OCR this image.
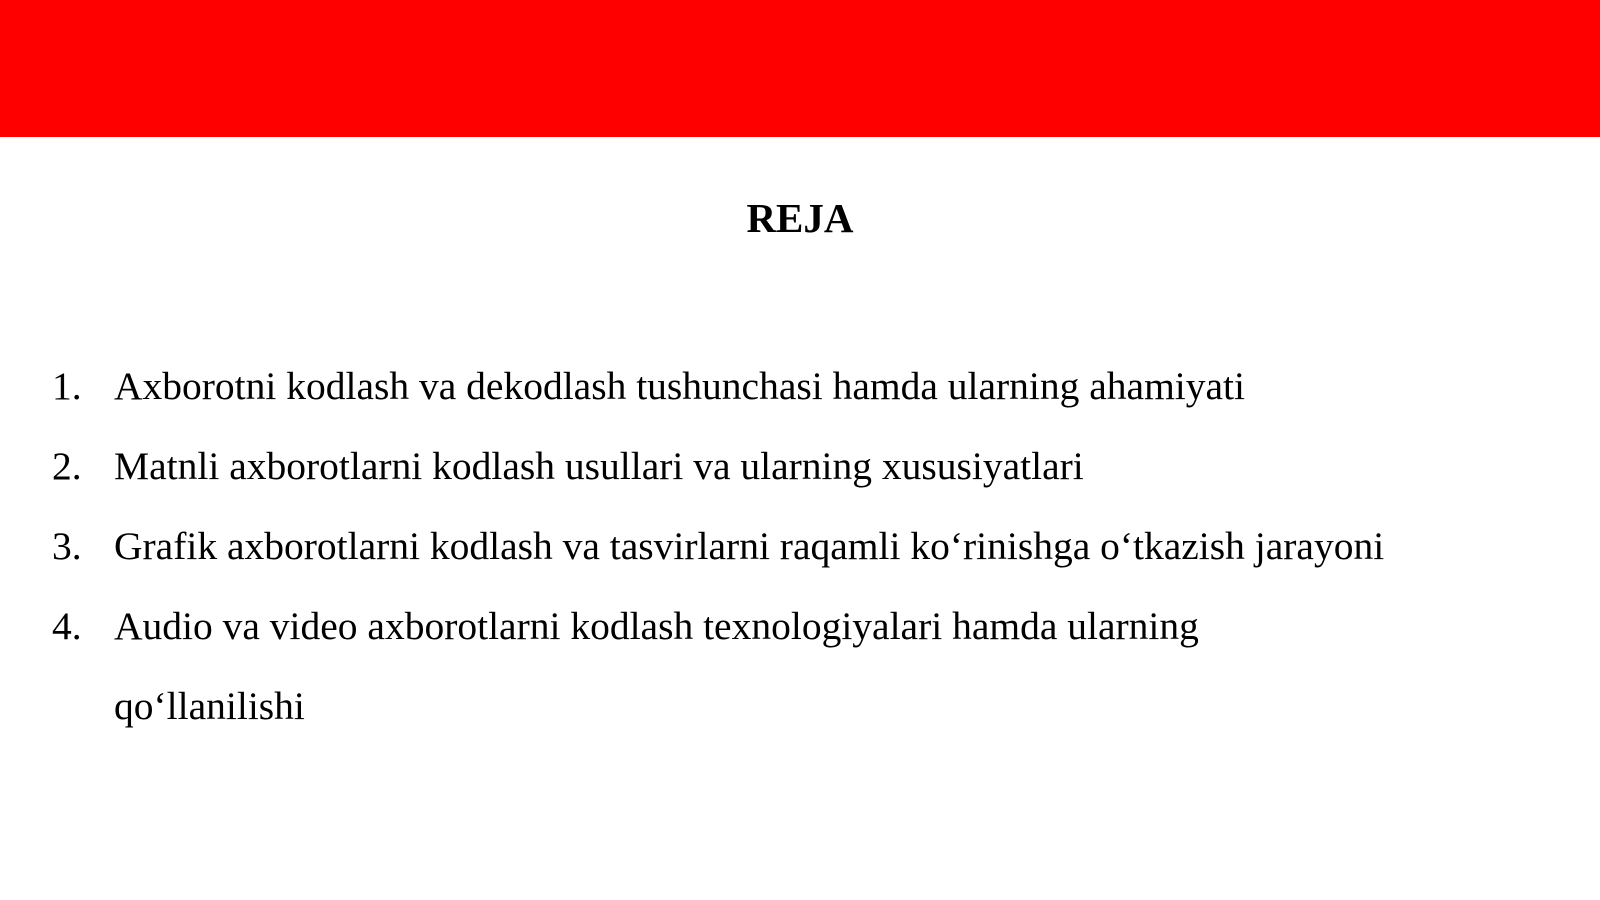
REJA
1. Axborotni kodlash va dekodlash tushunchasi hamda ularning ahamiyati
2. Matnli axborotlarni kodlash usullari va ularning xususiyatlari
3. Grafik axborotlarni kodlash va tasvirlarni raqamli ko‘rinishga o‘tkazish jarayoni
4. Audio va video axborotlarni kodlash texnologiyalari hamda ularning qo‘llanilishi
